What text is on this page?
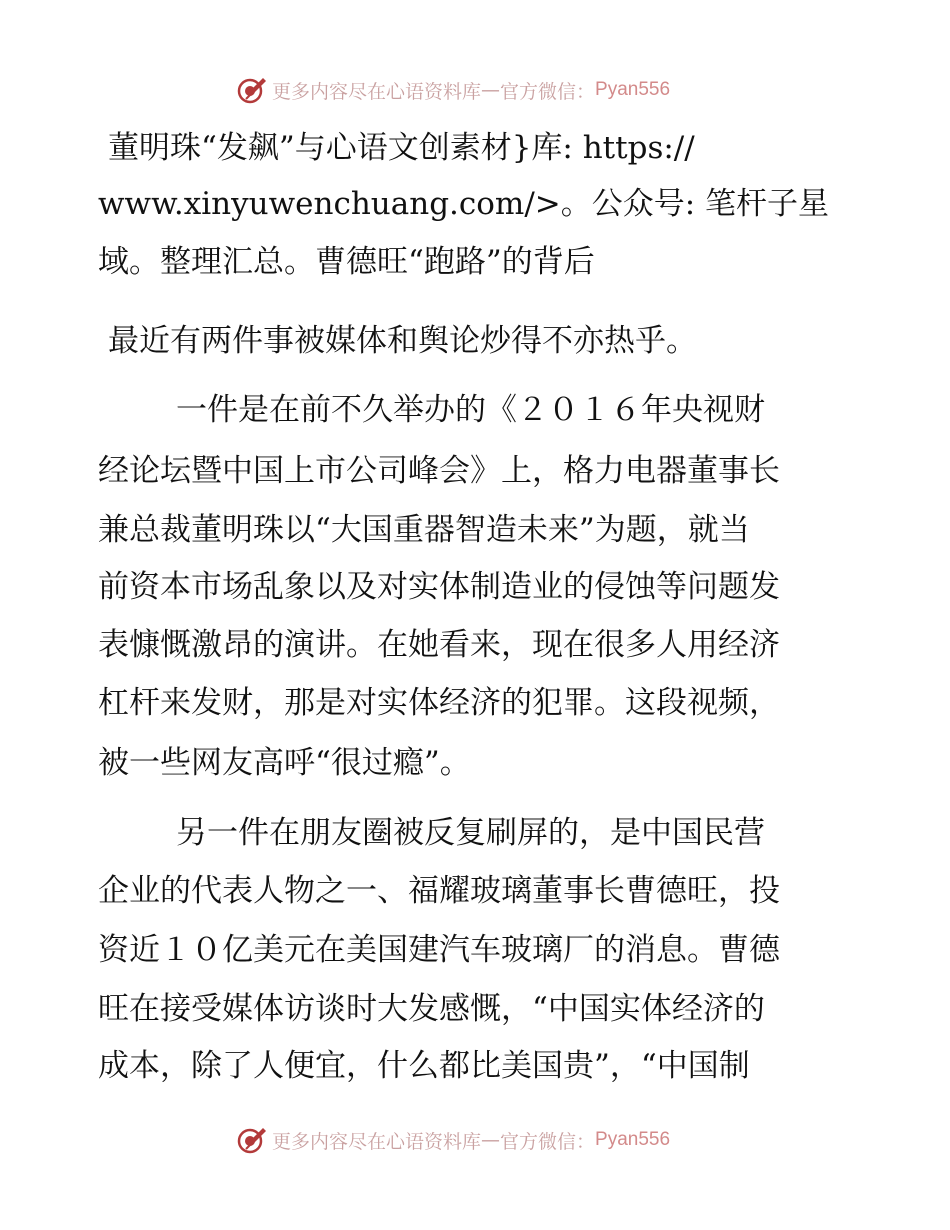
更多内容尽在心语资料库 — 官方微信： Pyan556
董明珠“发飙”与心语文创素材}库: https://
www.xinyuwenchuang.com/>。公众号: 笔杆子星
域。整理汇总。曹德旺“跑路”的背后
最近有两件事被媒体和舆论炒得不亦热乎。
一件是在前不久举办的《２０１６年央视财
经论坛暨中国上市公司峰会》上，格力电器董事长
兼总裁董明珠以“大国重器智造未来”为题，就当
前资本市场乱象以及对实体制造业的侵蚀等问题发
表慷慨激昂的演讲。在她看来，现在很多人用经济
杠杆来发财，那是对实体经济的犯罪。这段视频，
被一些网友高呼“很过瘾”。
另一件在朋友圈被反复刷屏的，是中国民营
企业的代表人物之一、福耀玻璃董事长曹德旺，投
资近１０亿美元在美国建汽车玻璃厂的消息。曹德
旺在接受媒体访谈时大发感慨，“中国实体经济的
成本，除了人便宜，什么都比美国贵”，“中国制
更多内容尽在心语资料库 — 官方微信： Pyan556
